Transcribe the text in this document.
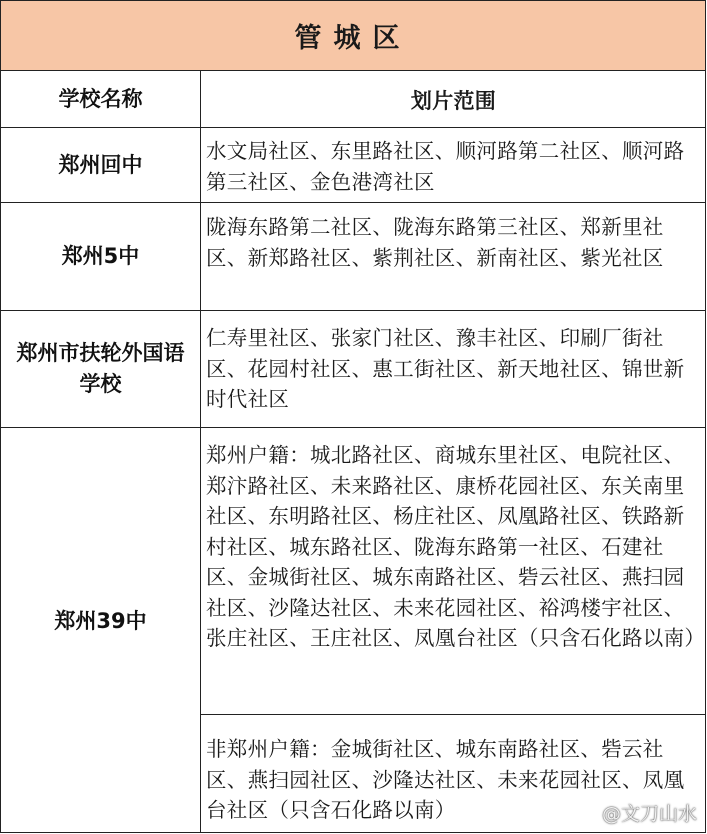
管城区
学校名称	划片范围
郑州回中
水文局社区、东里路社区、顺河路第二社区、顺河路第三社区、金色港湾社区
郑州5中
陇海东路第二社区、陇海东路第三社区、郑新里社区、新郑路社区、紫荆社区、新南社区、紫光社区
郑州市扶轮外国语学校
仁寿里社区、张家门社区、豫丰社区、印刷厂街社区、花园村社区、惠工街社区、新天地社区、锦世新时代社区
郑州39中
郑州户籍：城北路社区、商城东里社区、电院社区、郑汴路社区、未来路社区、康桥花园社区、东关南里社区、东明路社区、杨庄社区、凤凰路社区、铁路新村社区、城东路社区、陇海东路第一社区、石建社区、金城街社区、城东南路社区、砦云社区、燕扫园社区、沙隆达社区、未来花园社区、裕鸿楼宇社区、张庄社区、王庄社区、凤凰台社区（只含石化路以南）
非郑州户籍：金城街社区、城东南路社区、砦云社区、燕扫园社区、沙隆达社区、未来花园社区、凤凰台社区（只含石化路以南）	@文刀山水
